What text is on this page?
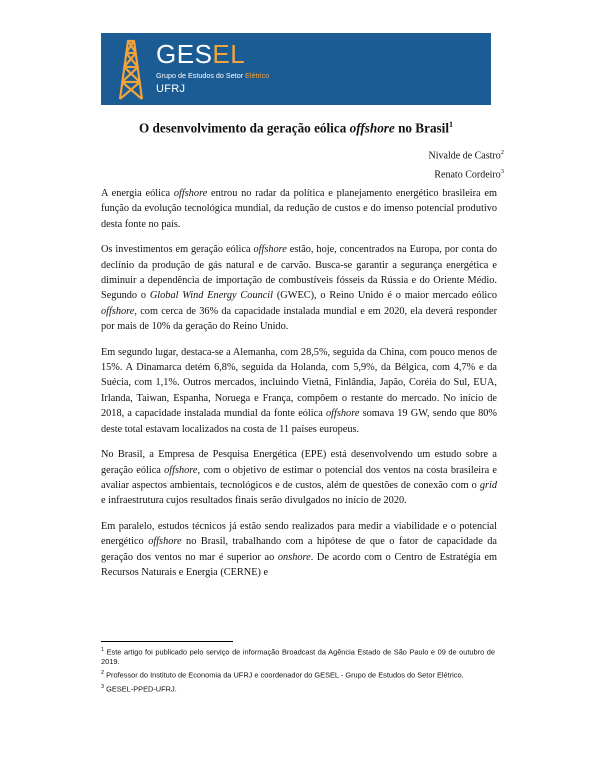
GESEL
Grupo de Estudos do Setor Elétrico
UFRJ
O desenvolvimento da geração eólica offshore no Brasil$^1$
Nivalde de Castro$^2$
Renato Cordeiro$^3$

A energia eólica offshore entrou no radar da política e planejamento energético brasileira em função da evolução tecnológica mundial, da redução de custos e do imenso potencial produtivo desta fonte no país.

Os investimentos em geração eólica offshore estão, hoje, concentrados na Europa, por conta do declínio da produção de gás natural e de carvão. Busca-se garantir a segurança energética e diminuir a dependência de importação de combustíveis fósseis da Rússia e do Oriente Médio. Segundo o Global Wind Energy Council (GWEC), o Reino Unido é o maior mercado eólico offshore, com cerca de 36% da capacidade instalada mundial e em 2020, ela deverá responder por mais de 10% da geração do Reino Unido.

Em segundo lugar, destaca-se a Alemanha, com 28,5%, seguida da China, com pouco menos de 15%. A Dinamarca detém 6,8%, seguida da Holanda, com 5,9%, da Bélgica, com 4,7% e da Suécia, com 1,1%. Outros mercados, incluindo Vietnã, Finlândia, Japão, Coréia do Sul, EUA, Irlanda, Taiwan, Espanha, Noruega e França, compõem o restante do mercado. No início de 2018, a capacidade instalada mundial da fonte eólica offshore somava 19 GW, sendo que 80% deste total estavam localizados na costa de 11 países europeus.

No Brasil, a Empresa de Pesquisa Energética (EPE) está desenvolvendo um estudo sobre a geração eólica offshore, com o objetivo de estimar o potencial dos ventos na costa brasileira e avaliar aspectos ambientais, tecnológicos e de custos, além de questões de conexão com o grid e infraestrutura cujos resultados finais serão divulgados no início de 2020.

Em paralelo, estudos técnicos já estão sendo realizados para medir a viabilidade e o potencial energético offshore no Brasil, trabalhando com a hipótese de que o fator de capacidade da geração dos ventos no mar é superior ao onshore. De acordo com o Centro de Estratégia em Recursos Naturais e Energia (CERNE) e

$^1$ Este artigo foi publicado pelo serviço de informação Broadcast da Agência Estado de São Paulo e 09 de outubro de 2019.
$^2$ Professor do Instituto de Economia da UFRJ e coordenador do GESEL - Grupo de Estudos do Setor Elétrico.
$^3$ GESEL-PPED-UFRJ.
